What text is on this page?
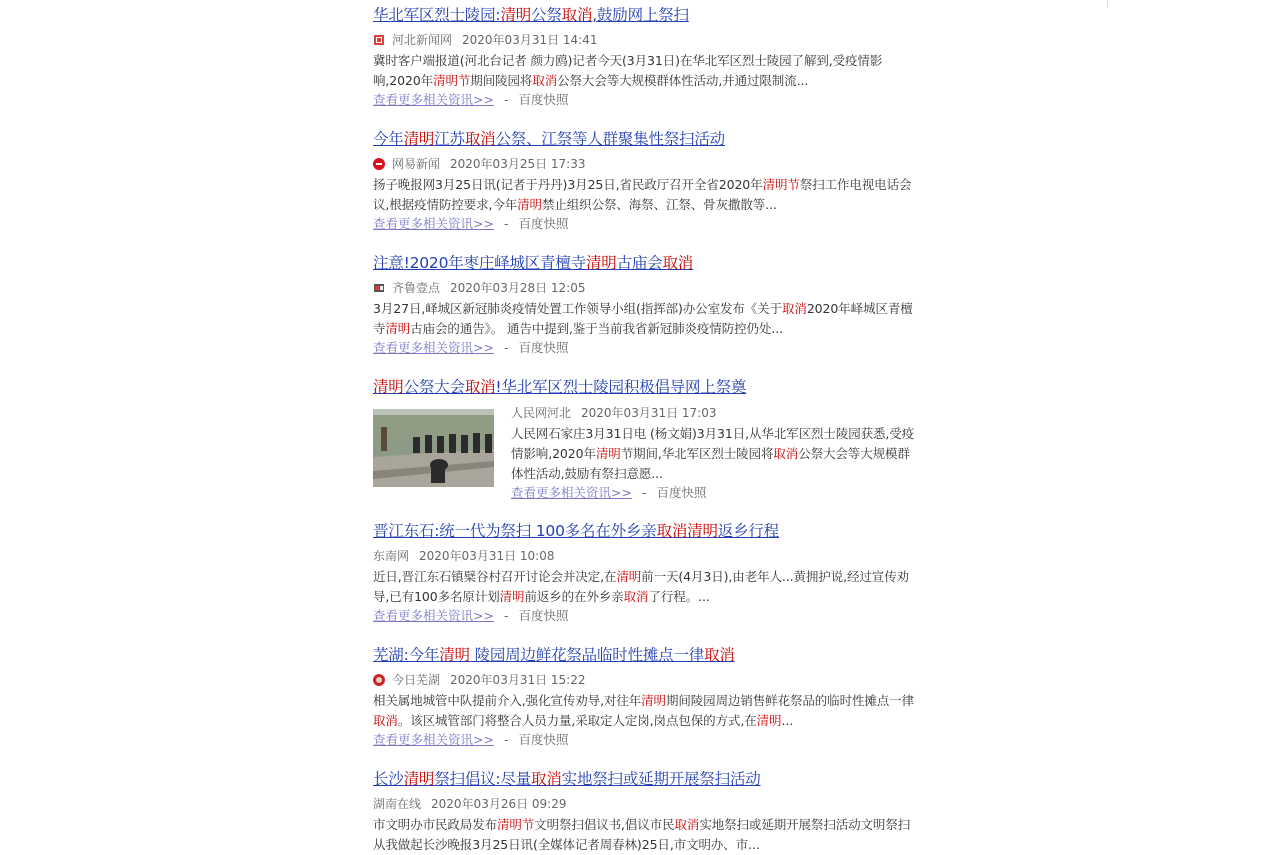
华北军区烈士陵园:清明公祭取消,鼓励网上祭扫
河北新闻网 2020年03月31日 14:41
冀时客户端报道(河北台记者 颜力鸥)记者今天(3月31日)在华北军区烈士陵园了解到,受疫情影响,2020年清明节期间陵园将取消公祭大会等大规模群体性活动,并通过限制流...
查看更多相关资讯>> - 百度快照
今年清明江苏取消公祭、江祭等人群聚集性祭扫活动
网易新闻 2020年03月25日 17:33
扬子晚报网3月25日讯(记者于丹丹)3月25日,省民政厅召开全省2020年清明节祭扫工作电视电话会议,根据疫情防控要求,今年清明禁止组织公祭、海祭、江祭、骨灰撒散等...
查看更多相关资讯>> - 百度快照
注意!2020年枣庄峄城区青檀寺清明古庙会取消
齐鲁壹点 2020年03月28日 12:05
3月27日,峄城区新冠肺炎疫情处置工作领导小组(指挥部)办公室发布《关于取消2020年峄城区青檀寺清明古庙会的通告》。 通告中提到,鉴于当前我省新冠肺炎疫情防控仍处...
查看更多相关资讯>> - 百度快照
清明公祭大会取消!华北军区烈士陵园积极倡导网上祭奠
人民网河北 2020年03月31日 17:03
人民网石家庄3月31日电 (杨文娟)3月31日,从华北军区烈士陵园获悉,受疫情影响,2020年清明节期间,华北军区烈士陵园将取消公祭大会等大规模群体性活动,鼓励有祭扫意愿...
查看更多相关资讯>> - 百度快照
晋江东石:统一代为祭扫 100多名在外乡亲取消清明返乡行程
东南网 2020年03月31日 10:08
近日,晋江东石镇檗谷村召开讨论会并决定,在清明前一天(4月3日),由老年人...黄拥护说,经过宣传劝导,已有100多名原计划清明前返乡的在外乡亲取消了行程。...
查看更多相关资讯>> - 百度快照
芜湖:今年清明 陵园周边鲜花祭品临时性摊点一律取消
今日芜湖 2020年03月31日 15:22
相关属地城管中队提前介入,强化宣传劝导,对往年清明期间陵园周边销售鲜花祭品的临时性摊点一律取消。该区城管部门将整合人员力量,采取定人定岗,岗点包保的方式,在清明...
查看更多相关资讯>> - 百度快照
长沙清明祭扫倡议:尽量取消实地祭扫或延期开展祭扫活动
湖南在线 2020年03月26日 09:29
市文明办市民政局发布清明节文明祭扫倡议书,倡议市民取消实地祭扫或延期开展祭扫活动文明祭扫 从我做起长沙晚报3月25日讯(全媒体记者周春林)25日,市文明办、市...
